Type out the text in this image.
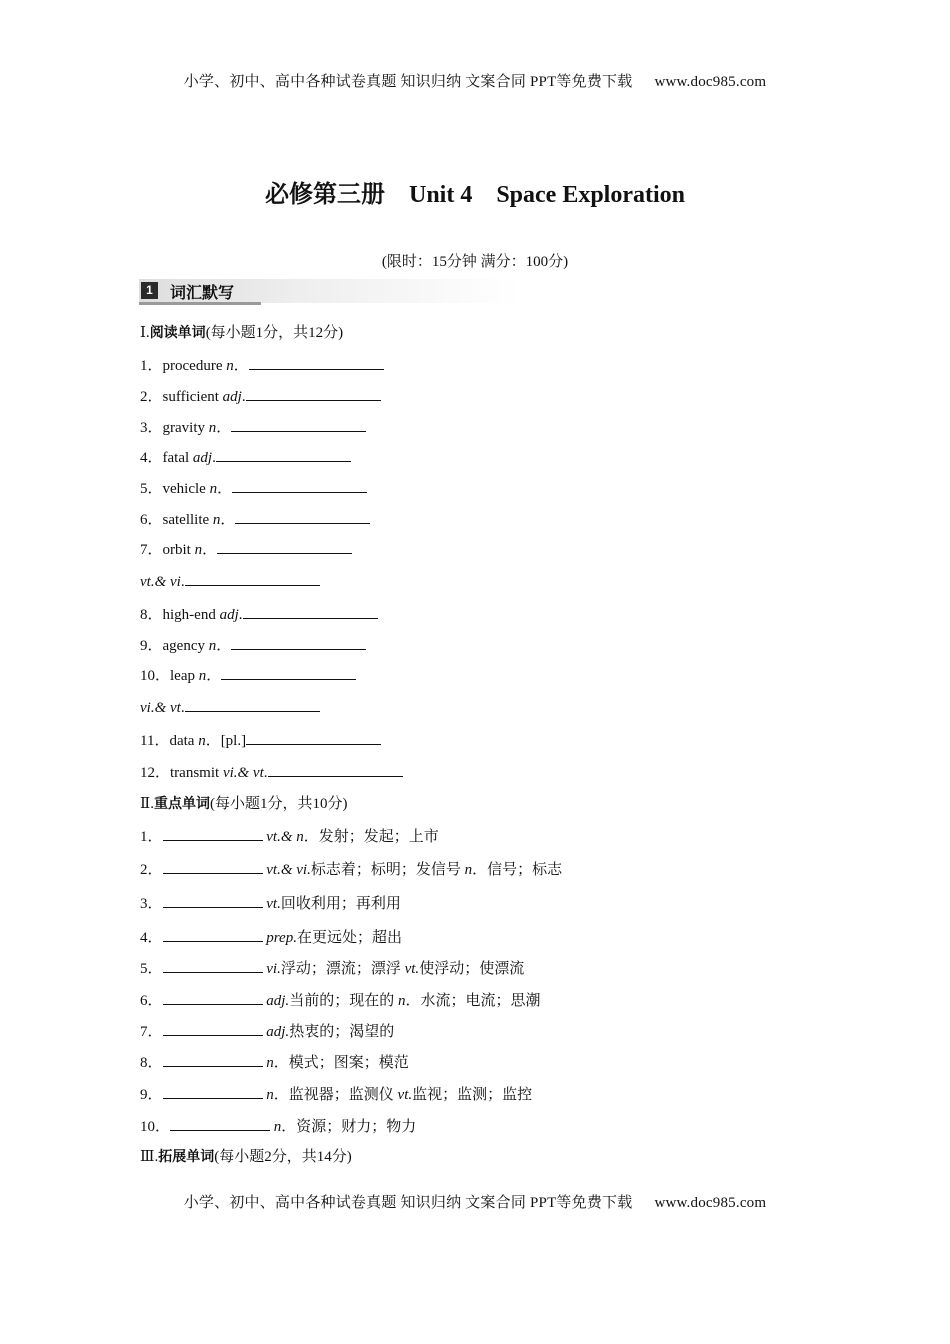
小学、初中、高中各种试卷真题 知识归纳 文案合同 PPT等免费下载 www.doc985.com
必修第三册 Unit 4 Space Exploration
(限时：15分钟 满分：100分)
1	词汇默写
Ⅰ.阅读单词(每小题1分，共12分)
1．procedure n．
2．sufficient adj.
3．gravity n．
4．fatal adj.
5．vehicle n．
6．satellite n．
7．orbit n．
vt.& vi.
8．high-end adj.
9．agency n．
10．leap n．
vi.& vt.
11．data n．[pl.]
12．transmit vi.& vt.
Ⅱ.重点单词(每小题1分，共10分)
1．	vt.& n．发射；发起；上市
2．	vt.& vi.标志着；标明；发信号 n．信号；标志
3．	vt.回收利用；再利用
4．	prep.在更远处；超出
5．	vi.浮动；漂流；漂浮 vt.使浮动；使漂流
6．	adj.当前的；现在的 n．水流；电流；思潮
7．	adj.热衷的；渴望的
8．	n．模式；图案；模范
9．	n．监视器；监测仪 vt.监视；监测；监控
10．	n．资源；财力；物力
Ⅲ.拓展单词(每小题2分，共14分)
小学、初中、高中各种试卷真题 知识归纳 文案合同 PPT等免费下载 www.doc985.com
